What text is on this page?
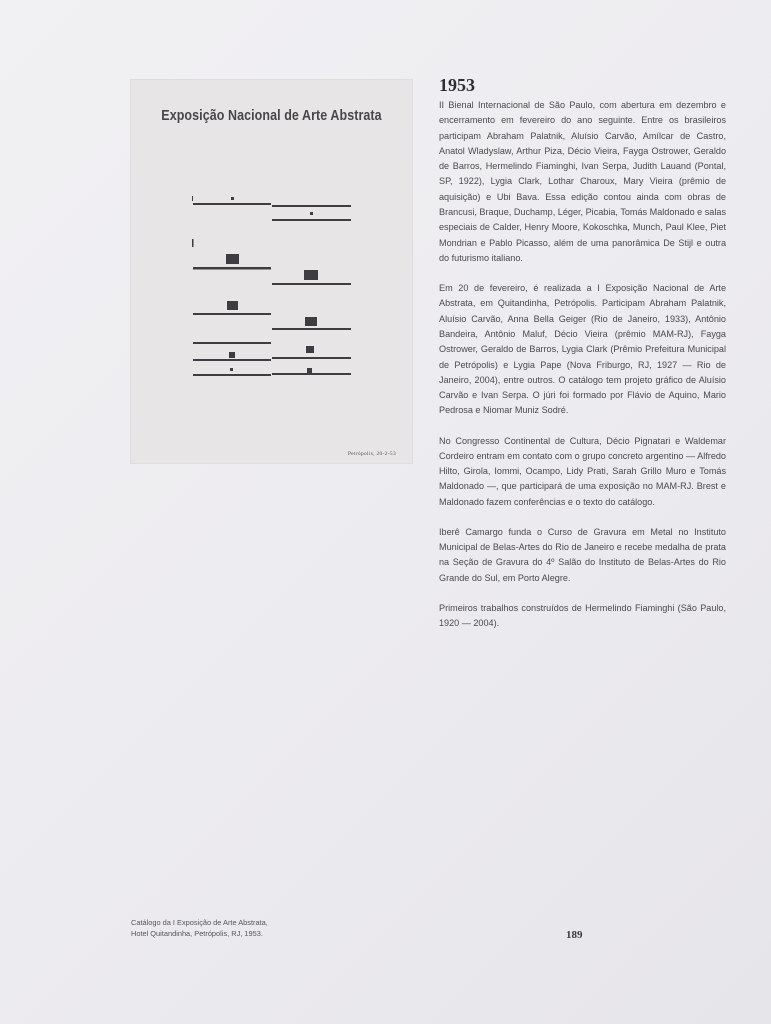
Exposição Nacional de Arte Abstrata
Petrópolis, 20-2-53
1953

II Bienal Internacional de São Paulo, com abertura em dezembro e encerramento em fevereiro do ano seguinte. Entre os brasileiros participam Abraham Palatnik, Aluísio Carvão, Amílcar de Castro, Anatol Wladyslaw, Arthur Piza, Décio Vieira, Fayga Ostrower, Geraldo de Barros, Hermelindo Fiaminghi, Ivan Serpa, Judith Lauand (Pontal, SP, 1922), Lygia Clark, Lothar Charoux, Mary Vieira (prêmio de aquisição) e Ubi Bava. Essa edição contou ainda com obras de Brancusi, Braque, Duchamp, Léger, Picabia, Tomás Maldonado e salas especiais de Calder, Henry Moore, Kokoschka, Munch, Paul Klee, Piet Mondrian e Pablo Picasso, além de uma panorâmica De Stijl e outra do futurismo italiano.

Em 20 de fevereiro, é realizada a I Exposição Nacional de Arte Abstrata, em Quitandinha, Petrópolis. Participam Abraham Palatnik, Aluísio Carvão, Anna Bella Geiger (Rio de Janeiro, 1933), Antônio Bandeira, Antônio Maluf, Décio Vieira (prêmio MAM-RJ), Fayga Ostrower, Geraldo de Barros, Lygia Clark (Prêmio Prefeitura Municipal de Petrópolis) e Lygia Pape (Nova Friburgo, RJ, 1927 — Rio de Janeiro, 2004), entre outros. O catálogo tem projeto gráfico de Aluísio Carvão e Ivan Serpa. O júri foi formado por Flávio de Aquino, Mario Pedrosa e Niomar Muniz Sodré.

No Congresso Continental de Cultura, Décio Pignatari e Waldemar Cordeiro entram em contato com o grupo concreto argentino — Alfredo Hilto, Girola, Iommi, Ocampo, Lidy Prati, Sarah Grillo Muro e Tomás Maldonado —, que participará de uma exposição no MAM-RJ. Brest e Maldonado fazem conferências e o texto do catálogo.

Iberê Camargo funda o Curso de Gravura em Metal no Instituto Municipal de Belas-Artes do Rio de Janeiro e recebe medalha de prata na Seção de Gravura do 4º Salão do Instituto de Belas-Artes do Rio Grande do Sul, em Porto Alegre.

Primeiros trabalhos construídos de Hermelindo Fiaminghi (São Paulo, 1920 — 2004).

Catálogo da I Exposição de Arte Abstrata,
Hotel Quitandinha, Petrópolis, RJ, 1953.	189
